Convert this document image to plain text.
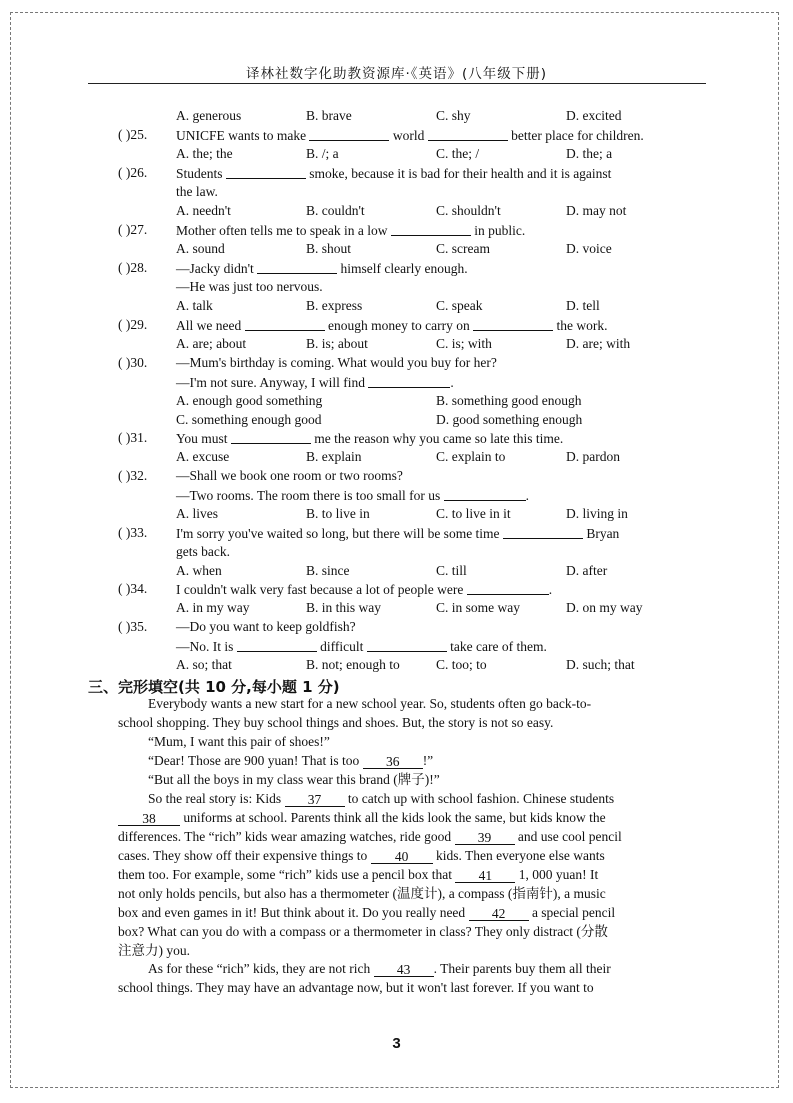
译林社数字化助教资源库·《英语》(八年级下册)
A. generous	B. brave	C. shy	D. excited
( )25. UNICFE wants to make	world	better place for children.
A. the; the	B. /; a	C. the; /	D. the; a
( )26. Students	smoke, because it is bad for their health and it is against
the law.
A. needn't	B. couldn't	C. shouldn't	D. may not
( )27. Mother often tells me to speak in a low	in public.
A. sound	B. shout	C. scream	D. voice
( )28. —Jacky didn't	himself clearly enough.
—He was just too nervous.
A. talk	B. express	C. speak	D. tell
( )29. All we need	enough money to carry on	the work.
A. are; about	B. is; about	C. is; with	D. are; with
( )30. —Mum's birthday is coming. What would you buy for her?
—I'm not sure. Anyway, I will find	.
A. enough good something	B. something good enough
C. something enough good	D. good something enough
( )31. You must	me the reason why you came so late this time.
A. excuse	B. explain	C. explain to	D. pardon
( )32. —Shall we book one room or two rooms?
—Two rooms. The room there is too small for us	.
A. lives	B. to live in	C. to live in it	D. living in
( )33. I'm sorry you've waited so long, but there will be some time	Bryan
gets back.
A. when	B. since	C. till	D. after
( )34. I couldn't walk very fast because a lot of people were	.
A. in my way	B. in this way	C. in some way	D. on my way
( )35. —Do you want to keep goldfish?
—No. It is	difficult	take care of them.
A. so; that	B. not; enough to	C. too; to	D. such; that
三、完形填空(共 10 分,每小题 1 分)
Everybody wants a new start for a new school year. So, students often go back-to-
school shopping. They buy school things and shoes. But, the story is not so easy.
“Mum, I want this pair of shoes!”
“Dear! Those are 900 yuan! That is too 36 !”
“But all the boys in my class wear this brand (牌子)!”
So the real story is: Kids 37 to catch up with school fashion. Chinese students
38 uniforms at school. Parents think all the kids look the same, but kids know the
differences. The “rich” kids wear amazing watches, ride good 39 and use cool pencil
cases. They show off their expensive things to 40 kids. Then everyone else wants
them too. For example, some “rich” kids use a pencil box that 41 1, 000 yuan! It
not only holds pencils, but also has a thermometer (温度计), a compass (指南针), a music
box and even games in it! But think about it. Do you really need 42 a special pencil
box? What can you do with a compass or a thermometer in class? They only distract (分散
注意力) you.
As for these “rich” kids, they are not rich 43 . Their parents buy them all their
school things. They may have an advantage now, but it won't last forever. If you want to
3
